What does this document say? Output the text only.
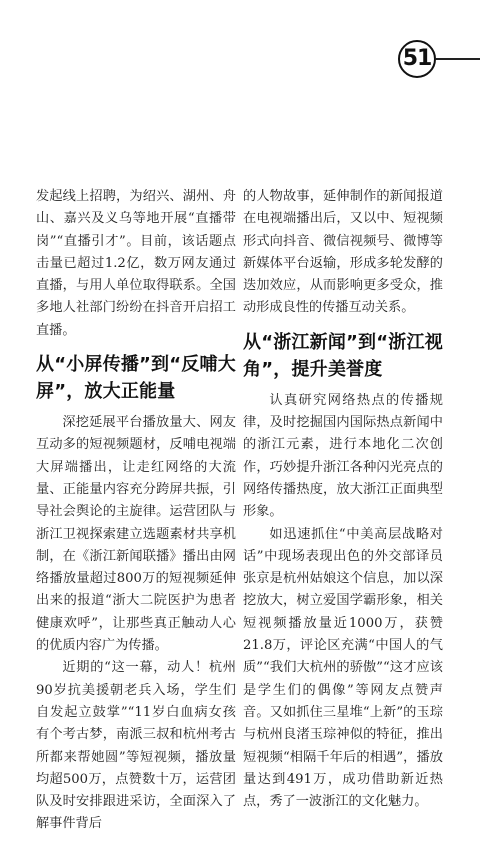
51

发起线上招聘，为绍兴、湖州、舟山、嘉兴及义乌等地开展“直播带岗”“直播引才”。目前，该话题点击量已超过1.2亿，数万网友通过直播，与用人单位取得联系。全国多地人社部门纷纷在抖音开启招工直播。

从“小屏传播”到“反哺大屏”，放大正能量

深挖延展平台播放量大、网友互动多的短视频题材，反哺电视端大屏端播出，让走红网络的大流量、正能量内容充分跨屏共振，引导社会舆论的主旋律。运营团队与浙江卫视探索建立选题素材共享机制，在《浙江新闻联播》播出由网络播放量超过800万的短视频延伸出来的报道“浙大二院医护为患者健康欢呼”，让那些真正触动人心的优质内容广为传播。

近期的“这一幕，动人！杭州90岁抗美援朝老兵入场，学生们自发起立鼓掌”“11岁白血病女孩有个考古梦，南派三叔和杭州考古所都来帮她圆”等短视频，播放量均超500万，点赞数十万，运营团队及时安排跟进采访，全面深入了解事件背后

的人物故事，延伸制作的新闻报道在电视端播出后，又以中、短视频形式向抖音、微信视频号、微博等新媒体平台返输，形成多轮发酵的迭加效应，从而影响更多受众，推动形成良性的传播互动关系。

从“浙江新闻”到“浙江视角”，提升美誉度

认真研究网络热点的传播规律，及时挖掘国内国际热点新闻中的浙江元素，进行本地化二次创作，巧妙提升浙江各种闪光亮点的网络传播热度，放大浙江正面典型形象。

如迅速抓住“中美高层战略对话”中现场表现出色的外交部译员张京是杭州姑娘这个信息，加以深挖放大，树立爱国学霸形象，相关短视频播放量近1000万，获赞21.8万，评论区充满“中国人的气质”“我们大杭州的骄傲”“这才应该是学生们的偶像”等网友点赞声音。又如抓住三星堆“上新”的玉琮与杭州良渚玉琮神似的特征，推出短视频“相隔千年后的相遇”，播放量达到491万，成功借助新近热点，秀了一波浙江的文化魅力。
